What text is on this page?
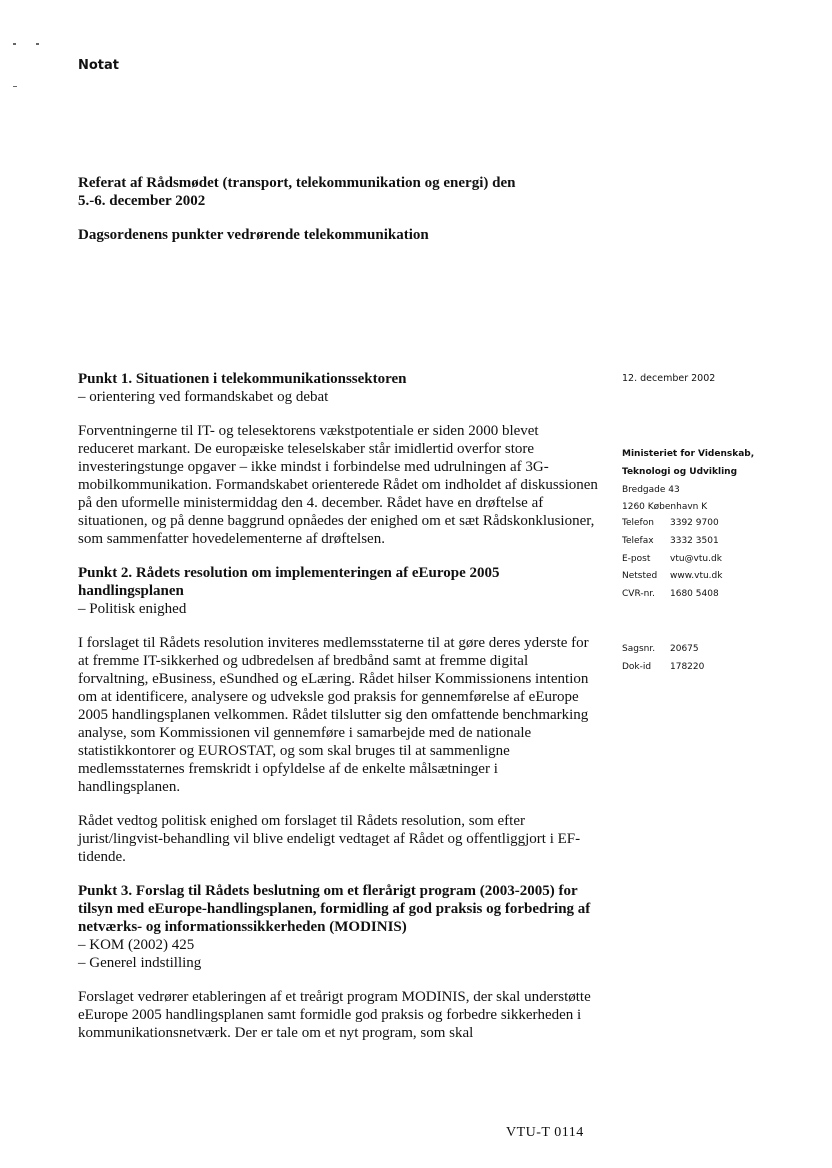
Notat
Referat af Rådsmødet (transport, telekommunikation og energi) den
5.-6. december 2002
Dagsordenens punkter vedrørende telekommunikation
Punkt 1. Situationen i telekommunikationssektoren
– orientering ved formandskabet og debat

Forventningerne til IT- og telesektorens vækstpotentiale er siden 2000 blevet reduceret markant. De europæiske teleselskaber står imidlertid overfor store investeringstunge opgaver – ikke mindst i forbindelse med udrulningen af 3G-mobilkommunikation. Formandskabet orienterede Rådet om indholdet af diskussionen på den uformelle ministermiddag den 4. december. Rådet have en drøftelse af situationen, og på denne baggrund opnåedes der enighed om et sæt Rådskonklusioner, som sammenfatter hovedelementerne af drøftelsen.

Punkt 2. Rådets resolution om implementeringen af eEurope 2005 handlingsplanen
– Politisk enighed

I forslaget til Rådets resolution inviteres medlemsstaterne til at gøre deres yderste for at fremme IT-sikkerhed og udbredelsen af bredbånd samt at fremme digital forvaltning, eBusiness, eSundhed og eLæring. Rådet hilser Kommissionens intention om at identificere, analysere og udveksle god praksis for gennemførelse af eEurope 2005 handlingsplanen velkommen. Rådet tilslutter sig den omfattende benchmarking analyse, som Kommissionen vil gennemføre i samarbejde med de nationale statistikkontorer og EUROSTAT, og som skal bruges til at sammenligne medlemsstaternes fremskridt i opfyldelse af de enkelte målsætninger i handlingsplanen.

Rådet vedtog politisk enighed om forslaget til Rådets resolution, som efter jurist/lingvist-behandling vil blive endeligt vedtaget af Rådet og offentliggjort i EF-tidende.

Punkt 3. Forslag til Rådets beslutning om et flerårigt program (2003-2005) for tilsyn med eEurope-handlingsplanen, formidling af god praksis og forbedring af netværks- og informationssikkerheden (MODINIS)
– KOM (2002) 425
– Generel indstilling

Forslaget vedrører etableringen af et treårigt program MODINIS, der skal understøtte eEurope 2005 handlingsplanen samt formidle god praksis og forbedre sikkerheden i kommunikationsnetværk. Der er tale om et nyt program, som skal

12. december 2002
Ministeriet for Videnskab,
Teknologi og Udvikling
Bredgade 43
1260 København K
Telefon	3392 9700
Telefax	3332 3501
E-post	vtu@vtu.dk
Netsted	www.vtu.dk
CVR-nr.	1680 5408
Sagsnr.	20675
Dok-id	178220
VTU-T 0114
